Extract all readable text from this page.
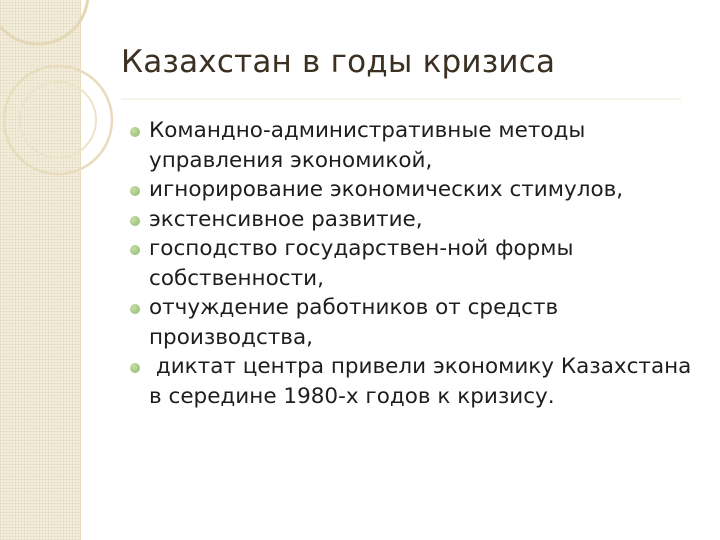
Казахстан в годы кризиса
Командно-административные методы управления экономикой,
игнорирование экономических стимулов,
экстенсивное развитие,
господство государствен-ной формы собственности,
отчуждение работников от средств производства,
диктат центра привели экономику Казахстана в середине 1980-х годов к кризису.
